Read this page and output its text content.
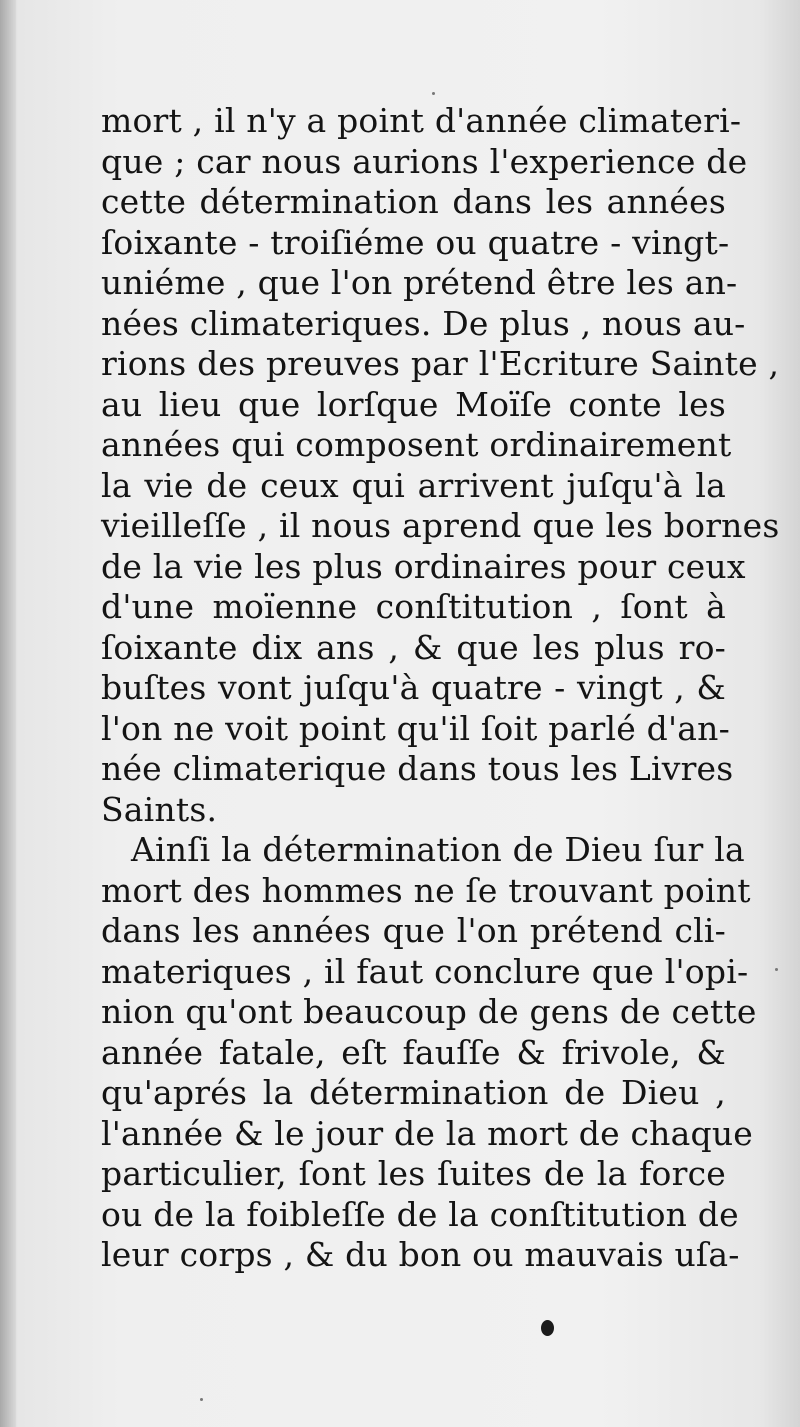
mort , il n'y a point d'année climateri-
que ; car nous aurions l'experience de
cette détermination dans les années
ſoixante - troiſiéme ou quatre - vingt-
uniéme , que l'on prétend être les an-
nées climateriques. De plus , nous au-
rions des preuves par l'Ecriture Sainte ,
au lieu que lorſque Moïſe conte les
années qui composent ordinairement
la vie de ceux qui arrivent juſqu'à la
vieilleſſe , il nous aprend que les bornes
de la vie les plus ordinaires pour ceux
d'une moïenne conſtitution , ſont à
ſoixante dix ans , & que les plus ro-
buſtes vont juſqu'à quatre - vingt , &
l'on ne voit point qu'il ſoit parlé d'an-
née climaterique dans tous les Livres
Saints.
Ainſi la détermination de Dieu ſur la
mort des hommes ne ſe trouvant point
dans les années que l'on prétend cli-
materiques , il faut conclure que l'opi-
nion qu'ont beaucoup de gens de cette
année fatale, eſt fauſſe & frivole, &
qu'aprés la détermination de Dieu ,
l'année & le jour de la mort de chaque
particulier, ſont les ſuites de la force
ou de la foibleſſe de la conſtitution de
leur corps , & du bon ou mauvais uſa-
